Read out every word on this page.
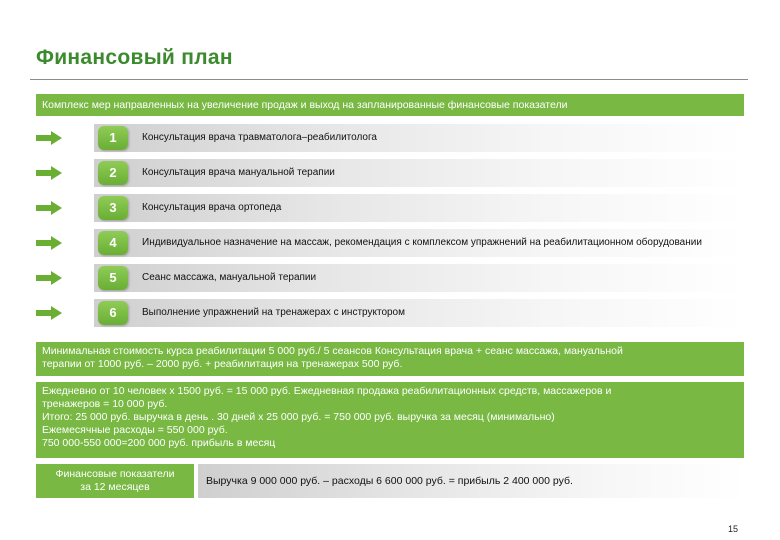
Финансовый план
Комплекс мер направленных на увеличение продаж и выход на запланированные финансовые показатели
1	Консультация врача травматолога–реабилитолога
2	Консультация врача мануальной терапии
3	Консультация врача ортопеда
4	Индивидуальное назначение на массаж, рекомендация с комплексом упражнений на реабилитационном оборудовании
5	Сеанс массажа, мануальной терапии
6	Выполнение упражнений на тренажерах с инструктором
Минимальная стоимость курса реабилитации 5 000 руб./ 5 сеансов Консультация врача + сеанс массажа, мануальной
терапии от 1000 руб. – 2000 руб. + реабилитация на тренажерах 500 руб.
Ежедневно от 10 человек х 1500 руб. = 15 000 руб. Ежедневная продажа реабилитационных средств, массажеров и
тренажеров = 10 000 руб.
Итого: 25 000 руб. выручка в день . 30 дней х 25 000 руб. = 750 000 руб. выручка за месяц (минимально)
Ежемесячные расходы = 550 000 руб.
750 000-550 000=200 000 руб. прибыль в месяц
Финансовые показатели
за 12 месяцев	Выручка 9 000 000 руб. – расходы 6 600 000 руб. = прибыль 2 400 000 руб.
15
